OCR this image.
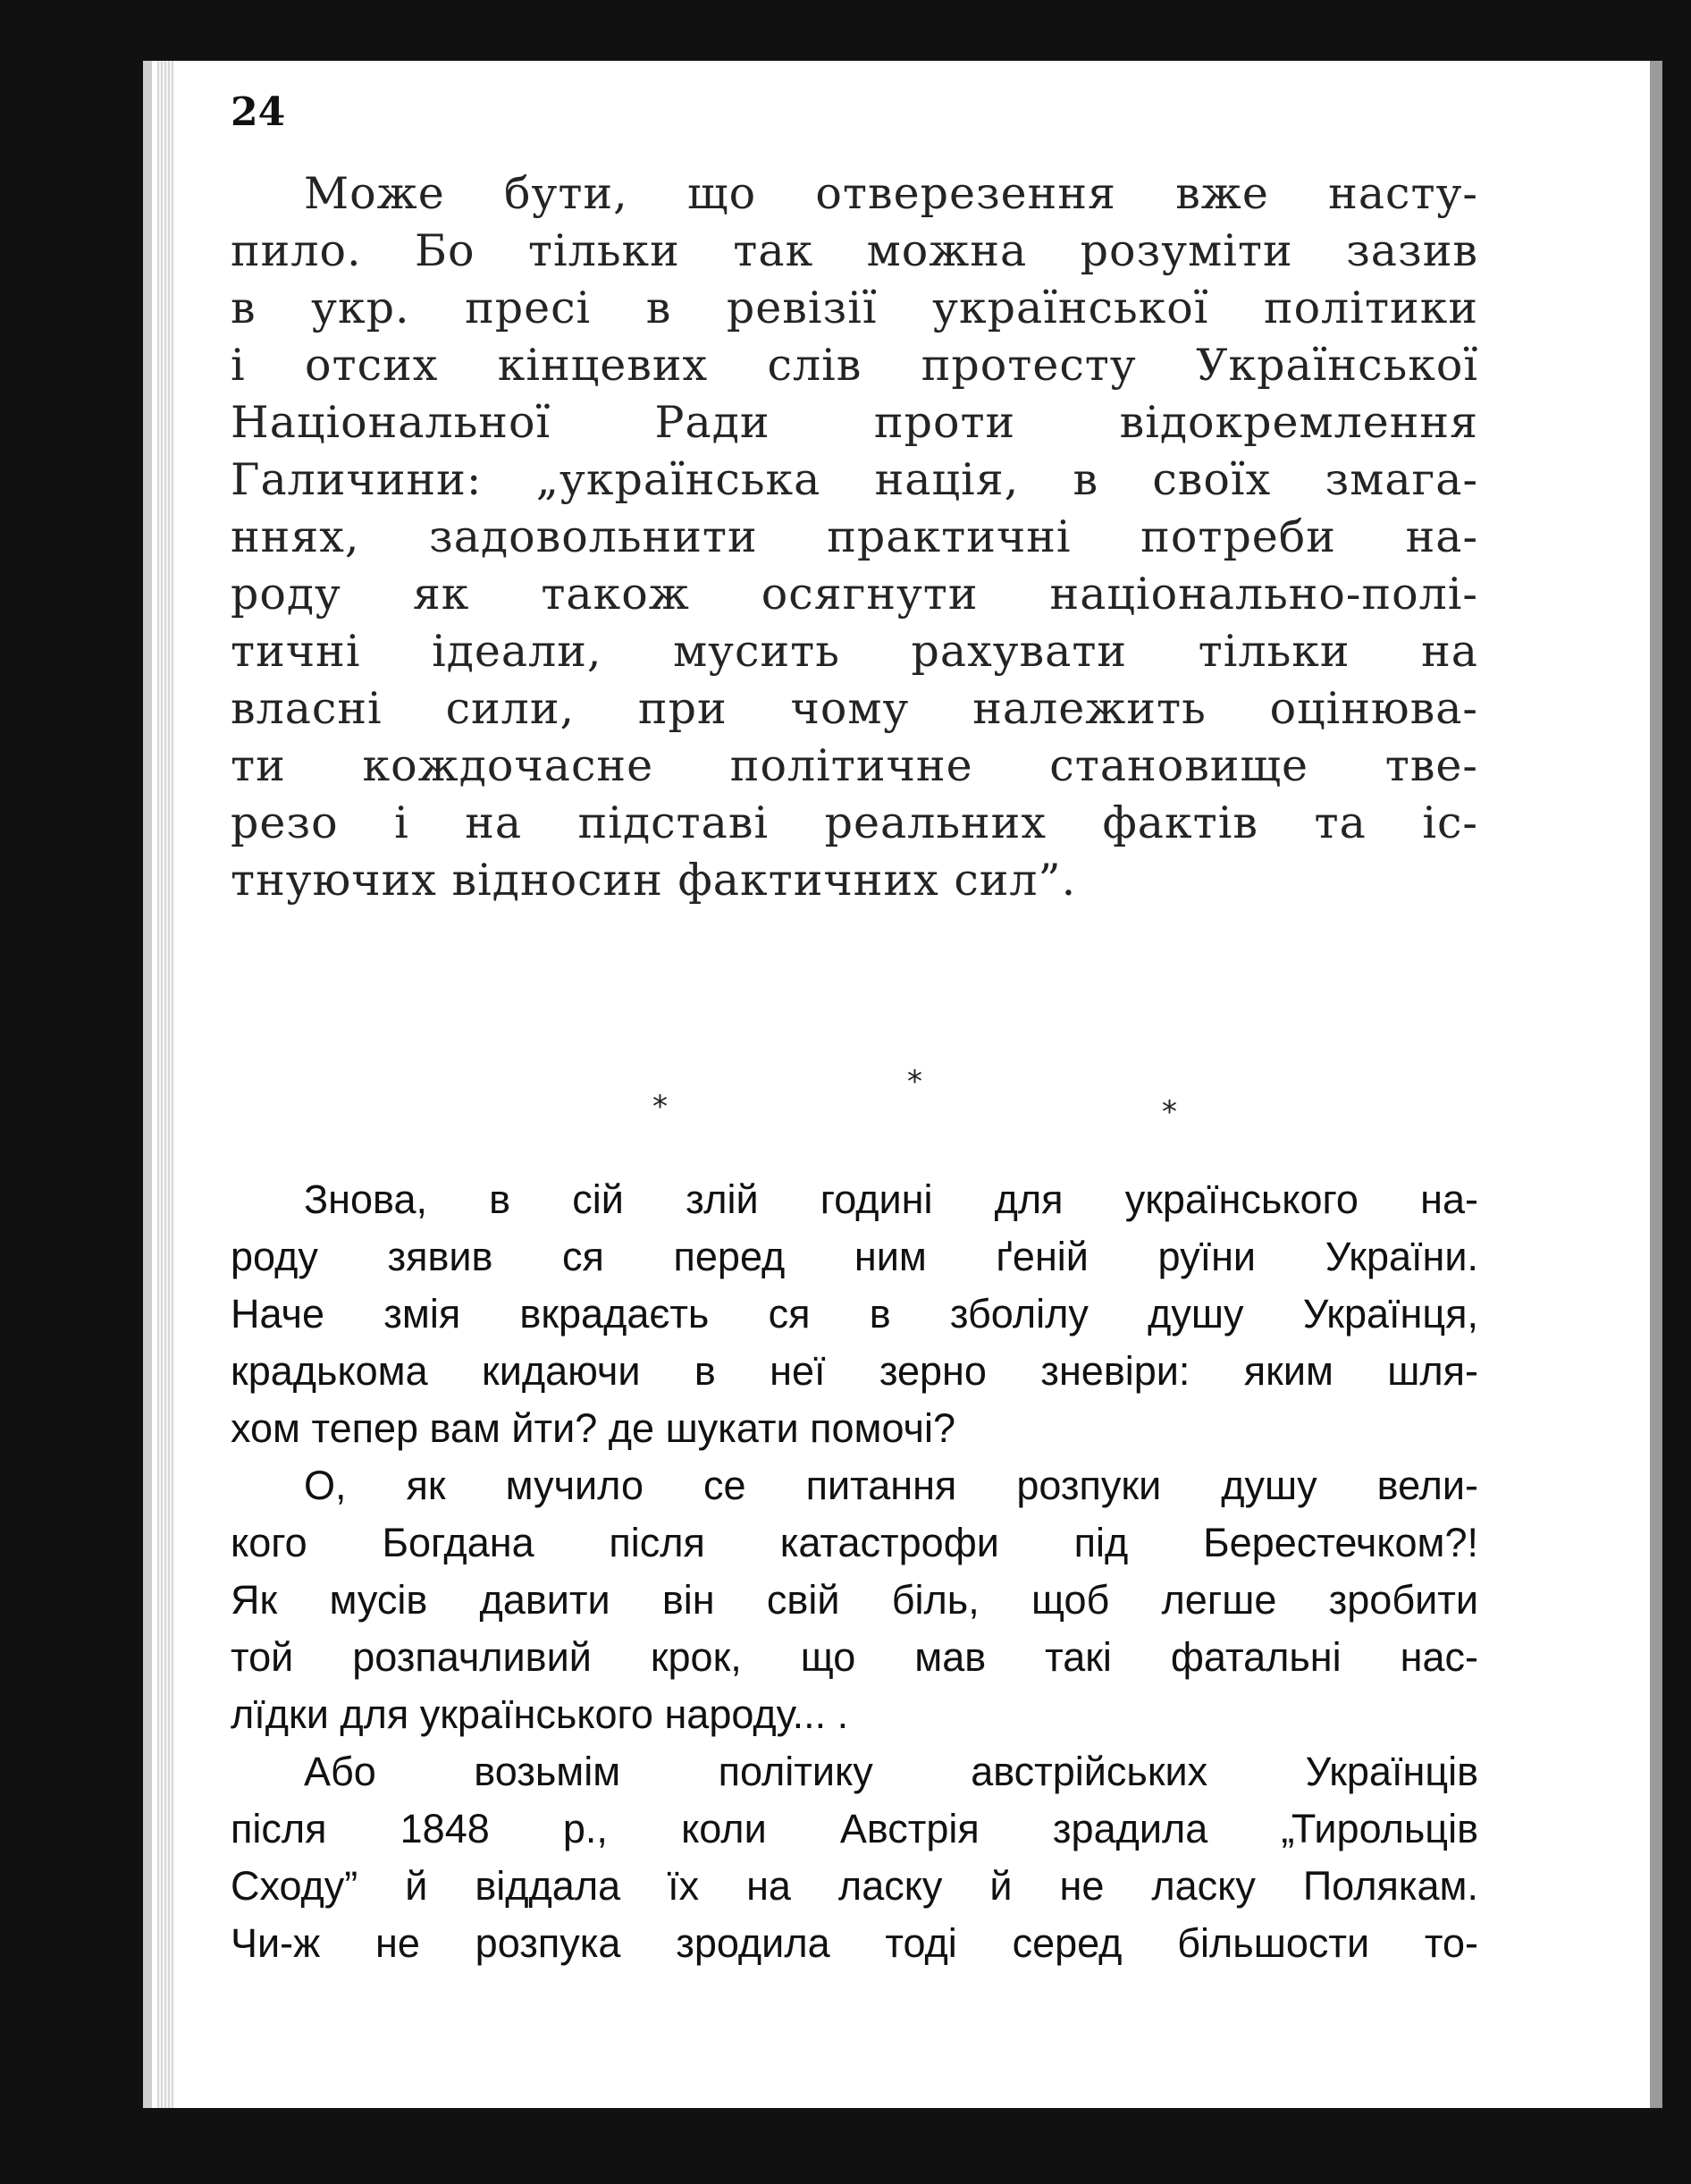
24
Може бути, що отверезення вже насту-
пило. Бо тільки так можна розуміти зазив
в укр. пресі в ревізії української політики
і отсих кінцевих слів протесту Української
Національної Ради проти відокремлення
Галичини: „українська нація, в своїх змага-
ннях, задовольнити практичні потреби на-
роду як також осягнути національно-полі-
тичні ідеали, мусить рахувати тільки на
власні сили, при чому належить оцінюва-
ти кождочасне політичне становище тве-
резо і на підставі реальних фактів та іс-
тнуючих відносин фактичних сил”.
*
*
*
Знова, в сій злій годині для українського на-
роду зявив ся перед ним ґеній руїни України.
Наче змія вкрадаєть ся в зболілу душу Українця,
крадькома кидаючи в неї зерно зневіри: яким шля-
хом тепер вам йти? де шукати помочі?
О, як мучило се питання розпуки душу вели-
кого Богдана після катастрофи під Берестечком?!
Як мусів давити він свій біль, щоб легше зробити
той розпачливий крок, що мав такі фатальні нас-
лїдки для українського народу... .
Або возьмім політику австрійських Українців
після 1848 р., коли Австрія зрадила „Тирольців
Сходу” й віддала їх на ласку й не ласку Полякам.
Чи-ж не розпука зродила тоді серед більшости то-
